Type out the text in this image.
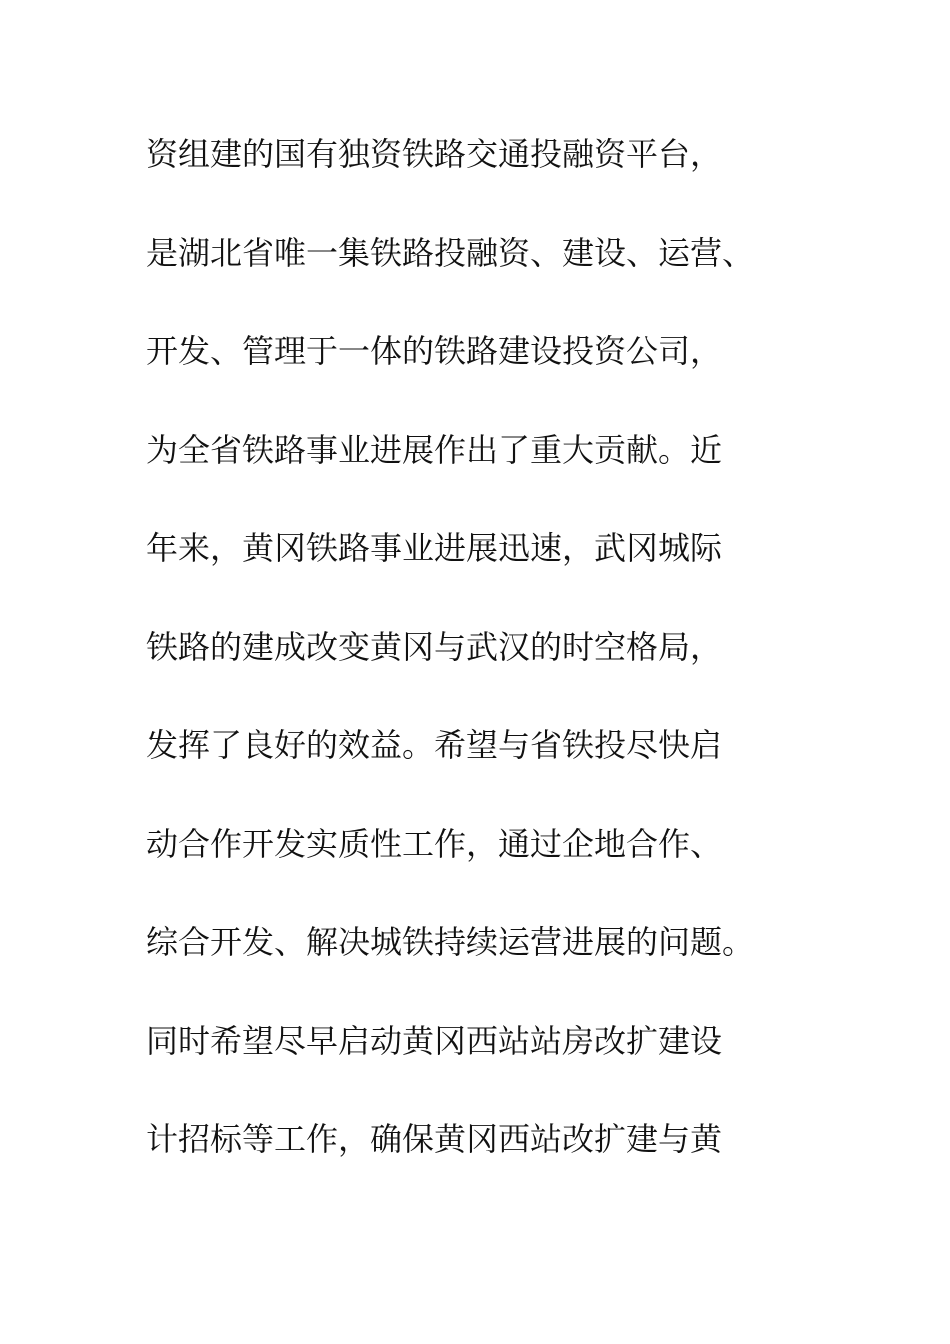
资组建的国有独资铁路交通投融资平台，
是湖北省唯一集铁路投融资、建设、运营、
开发、管理于一体的铁路建设投资公司，
为全省铁路事业进展作出了重大贡献。近
年来，黄冈铁路事业进展迅速，武冈城际
铁路的建成改变黄冈与武汉的时空格局，
发挥了良好的效益。希望与省铁投尽快启
动合作开发实质性工作，通过企地合作、
综合开发、解决城铁持续运营进展的问题。
同时希望尽早启动黄冈西站站房改扩建设
计招标等工作，确保黄冈西站改扩建与黄
